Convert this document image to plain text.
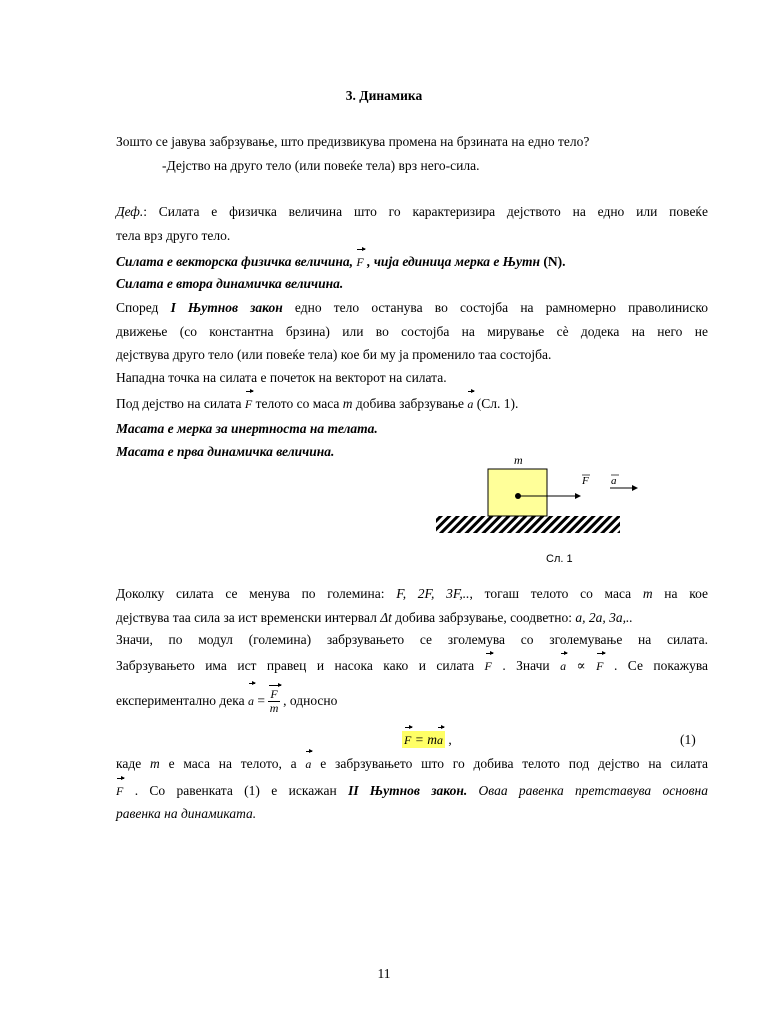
3. Динамика
Зошто се јавува забрзување, што предизвикува промена на брзината на едно тело?
-Дејство на друго тело (или повеќе тела) врз него-сила.
Деф.: Силата е физичка величина што го карактеризира дејството на едно или повеќе
тела врз друго тело.
Силата е векторска физичка величина, F , чија единица мерка е Њутн (N).
Силата е втора динамичка величина.
Според I Њутнов закон едно тело останува во состојба на рамномерно праволиниско
движење (со константна брзина) или во состојба на мирување сѐ додека на него не
дејствува друго тело (или повеќе тела) кое би му ја променило таа состојба.
Нападна точка на силата е почеток на векторот на силата.
Под дејство на силата F телото со маса m добива забрзување a (Сл. 1).
Масата е мерка за инертноста на телата.
Масата е прва динамичка величина.
m
F a
Сл. 1
Доколку силата се менува по големина: F, 2F, 3F,.., тогаш телото со маса m на кое
дејствува таа сила за ист временски интервал Δt добива забрзување, соодветно: a, 2a, 3a,..
Значи, по модул (големина) забрзувањето се зголемува со зголемување на силата.
Забрзувањето има ист правец и насока како и силата F . Значи a ∝ F . Се покажува
експериментално дека $a = \frac{F}{m}$ , односно
F = ma ,	(1)
каде m е маса на телото, а a е забрзувањето што го добива телото под дејство на силата
F . Со равенката (1) е искажан II Њутнов закон. Оваа равенка претставува основна
равенка на динамиката.
11
